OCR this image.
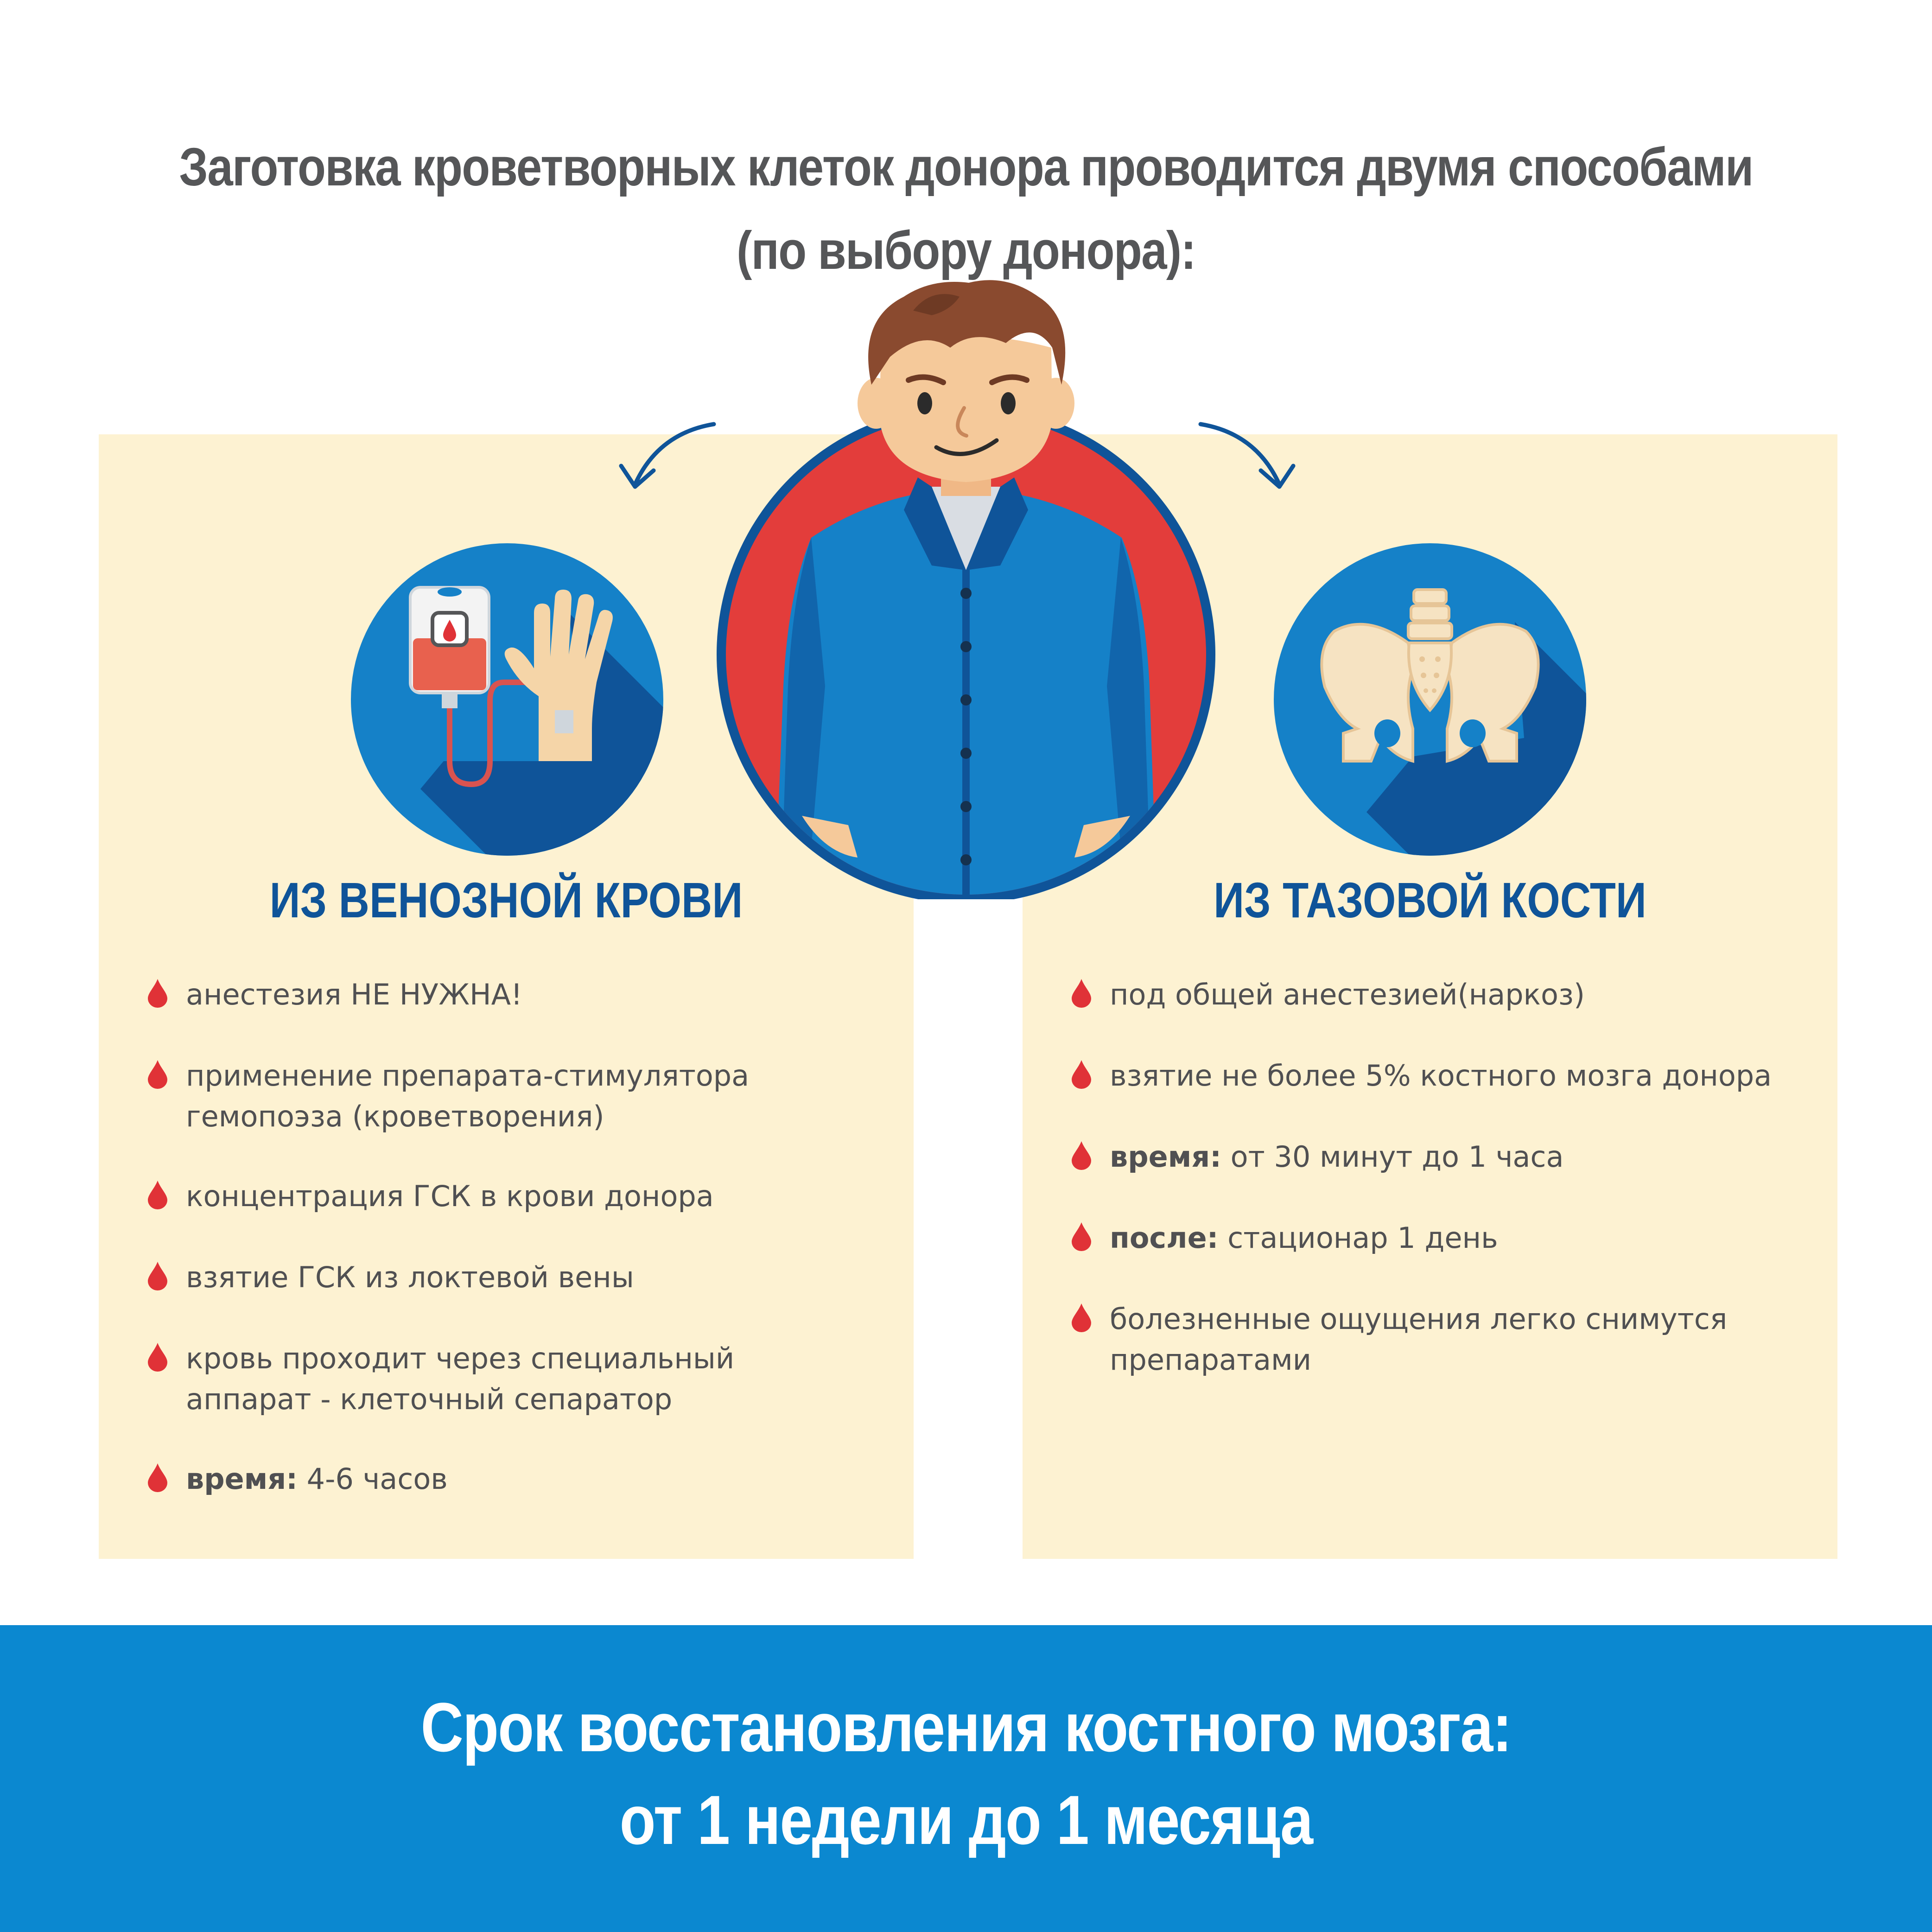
Заготовка кроветворных клеток донора проводится двумя способами
(по выбору донора):
ИЗ ВЕНОЗНОЙ КРОВИ
анестезия НЕ НУЖНА!

применение препарата-стимулятора
гемопоэза (кроветворения)
концентрация ГСК в крови донора

взятие ГСК из локтевой вены

кровь проходит через специальный
аппарат - клеточный сепаратор
время: 4-6 часов

ИЗ ТАЗОВОЙ КОСТИ
под общей анестезией(наркоз)

взятие не более 5% костного мозга донора

время: от 30 минут до 1 часа

после: стационар 1 день

болезненные ощущения легко снимутся
препаратами
Срок восстановления костного мозга:
от 1 недели до 1 месяца
